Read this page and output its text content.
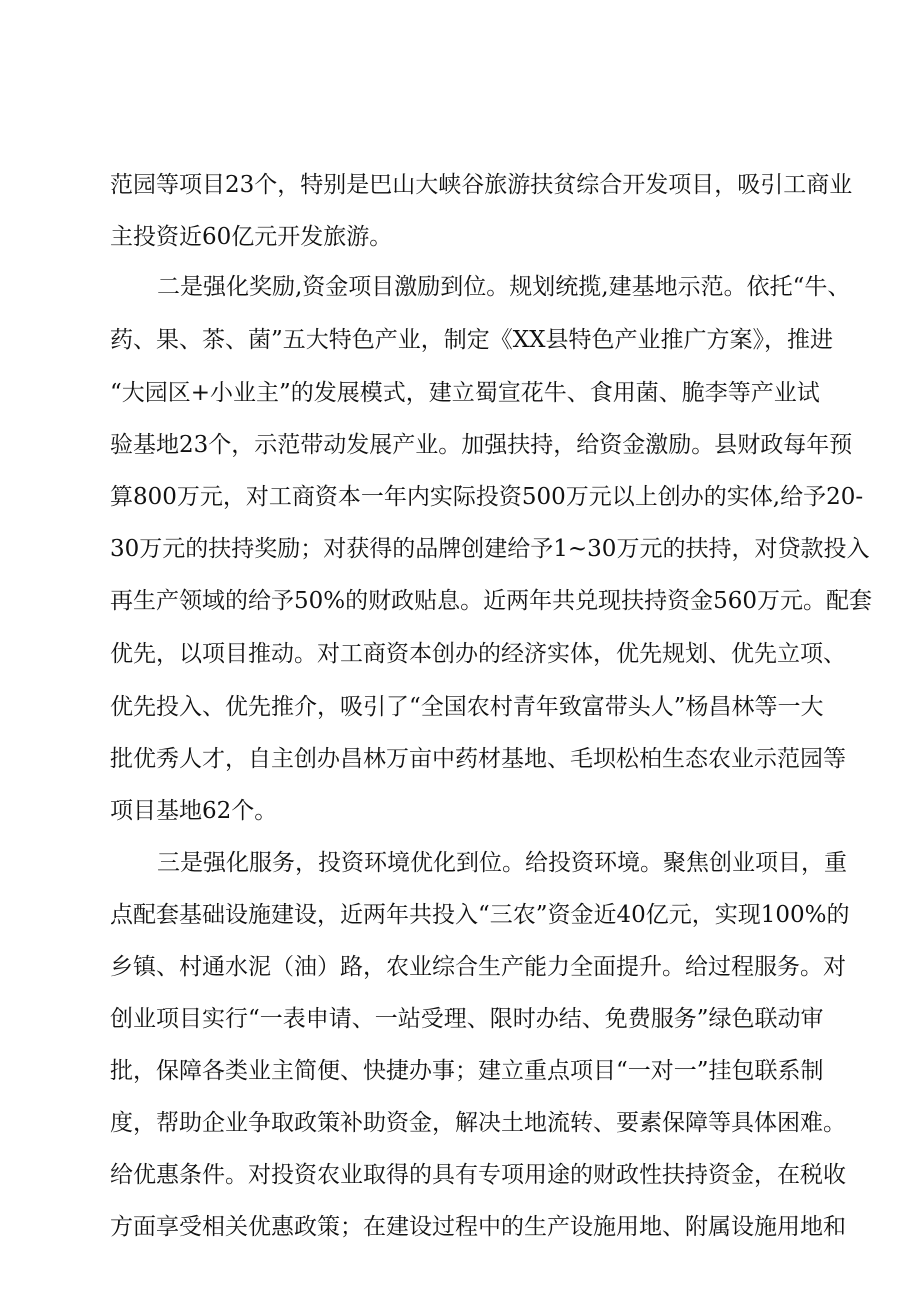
范园等项目23个，特别是巴山大峡谷旅游扶贫综合开发项目，吸引工商业
主投资近60亿元开发旅游。
二是强化奖励,资金项目激励到位。规划统揽,建基地示范。依托“牛、
药、果、茶、菌”五大特色产业，制定《XX县特色产业推广方案》，推进
“大园区+小业主”的发展模式，建立蜀宣花牛、食用菌、脆李等产业试
验基地23个，示范带动发展产业。加强扶持，给资金激励。县财政每年预
算800万元，对工商资本一年内实际投资500万元以上创办的实体,给予20-
30万元的扶持奖励；对获得的品牌创建给予1~30万元的扶持，对贷款投入
再生产领域的给予50%的财政贴息。近两年共兑现扶持资金560万元。配套
优先，以项目推动。对工商资本创办的经济实体，优先规划、优先立项、
优先投入、优先推介，吸引了“全国农村青年致富带头人”杨昌林等一大
批优秀人才，自主创办昌林万亩中药材基地、毛坝松柏生态农业示范园等
项目基地62个。
三是强化服务，投资环境优化到位。给投资环境。聚焦创业项目，重
点配套基础设施建设，近两年共投入“三农”资金近40亿元，实现100%的
乡镇、村通水泥（油）路，农业综合生产能力全面提升。给过程服务。对
创业项目实行“一表申请、一站受理、限时办结、免费服务”绿色联动审
批，保障各类业主简便、快捷办事；建立重点项目“一对一”挂包联系制
度，帮助企业争取政策补助资金，解决土地流转、要素保障等具体困难。
给优惠条件。对投资农业取得的具有专项用途的财政性扶持资金，在税收
方面享受相关优惠政策；在建设过程中的生产设施用地、附属设施用地和
